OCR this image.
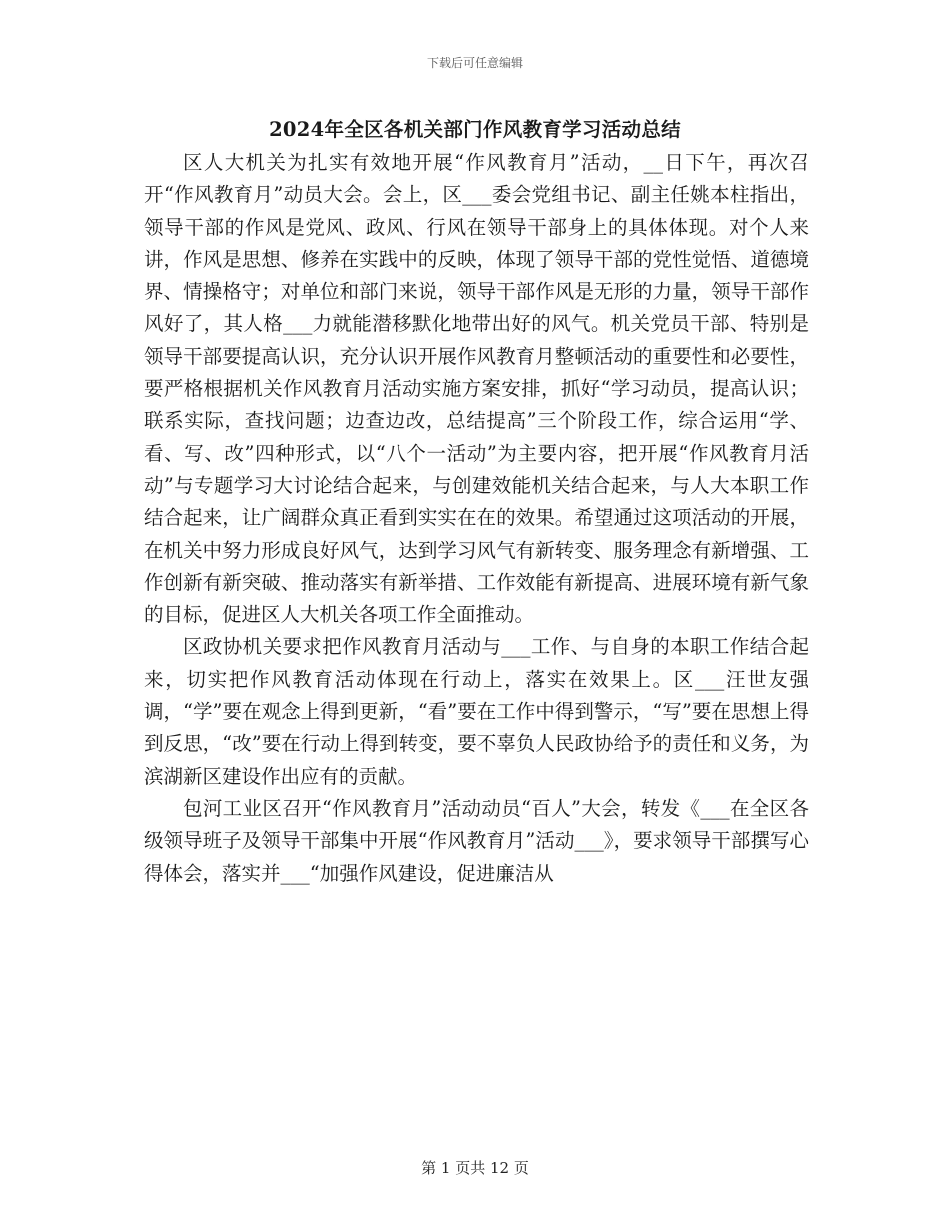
下载后可任意编辑
2024年全区各机关部门作风教育学习活动总结

区人大机关为扎实有效地开展“作风教育月”活动，__日下午，再次召开“作风教育月”动员大会。会上，区___委会党组书记、副主任姚本柱指出，领导干部的作风是党风、政风、行风在领导干部身上的具体体现。对个人来讲，作风是思想、修养在实践中的反映，体现了领导干部的党性觉悟、道德境界、情操格守；对单位和部门来说，领导干部作风是无形的力量，领导干部作风好了，其人格___力就能潜移默化地带出好的风气。机关党员干部、特别是领导干部要提高认识，充分认识开展作风教育月整顿活动的重要性和必要性，要严格根据机关作风教育月活动实施方案安排，抓好“学习动员，提高认识；联系实际，查找问题；边查边改，总结提高”三个阶段工作，综合运用“学、看、写、改”四种形式，以“八个一活动”为主要内容，把开展“作风教育月活动”与专题学习大讨论结合起来，与创建效能机关结合起来，与人大本职工作结合起来，让广阔群众真正看到实实在在的效果。希望通过这项活动的开展，在机关中努力形成良好风气，达到学习风气有新转变、服务理念有新增强、工作创新有新突破、推动落实有新举措、工作效能有新提高、进展环境有新气象的目标，促进区人大机关各项工作全面推动。

区政协机关要求把作风教育月活动与___工作、与自身的本职工作结合起来，切实把作风教育活动体现在行动上，落实在效果上。区___汪世友强调，“学”要在观念上得到更新，“看”要在工作中得到警示，“写”要在思想上得到反思，“改”要在行动上得到转变，要不辜负人民政协给予的责任和义务，为滨湖新区建设作出应有的贡献。

包河工业区召开“作风教育月”活动动员“百人”大会，转发《___在全区各级领导班子及领导干部集中开展“作风教育月”活动___》，要求领导干部撰写心得体会，落实并___“加强作风建设，促进廉洁从

第 1 页共 12 页
